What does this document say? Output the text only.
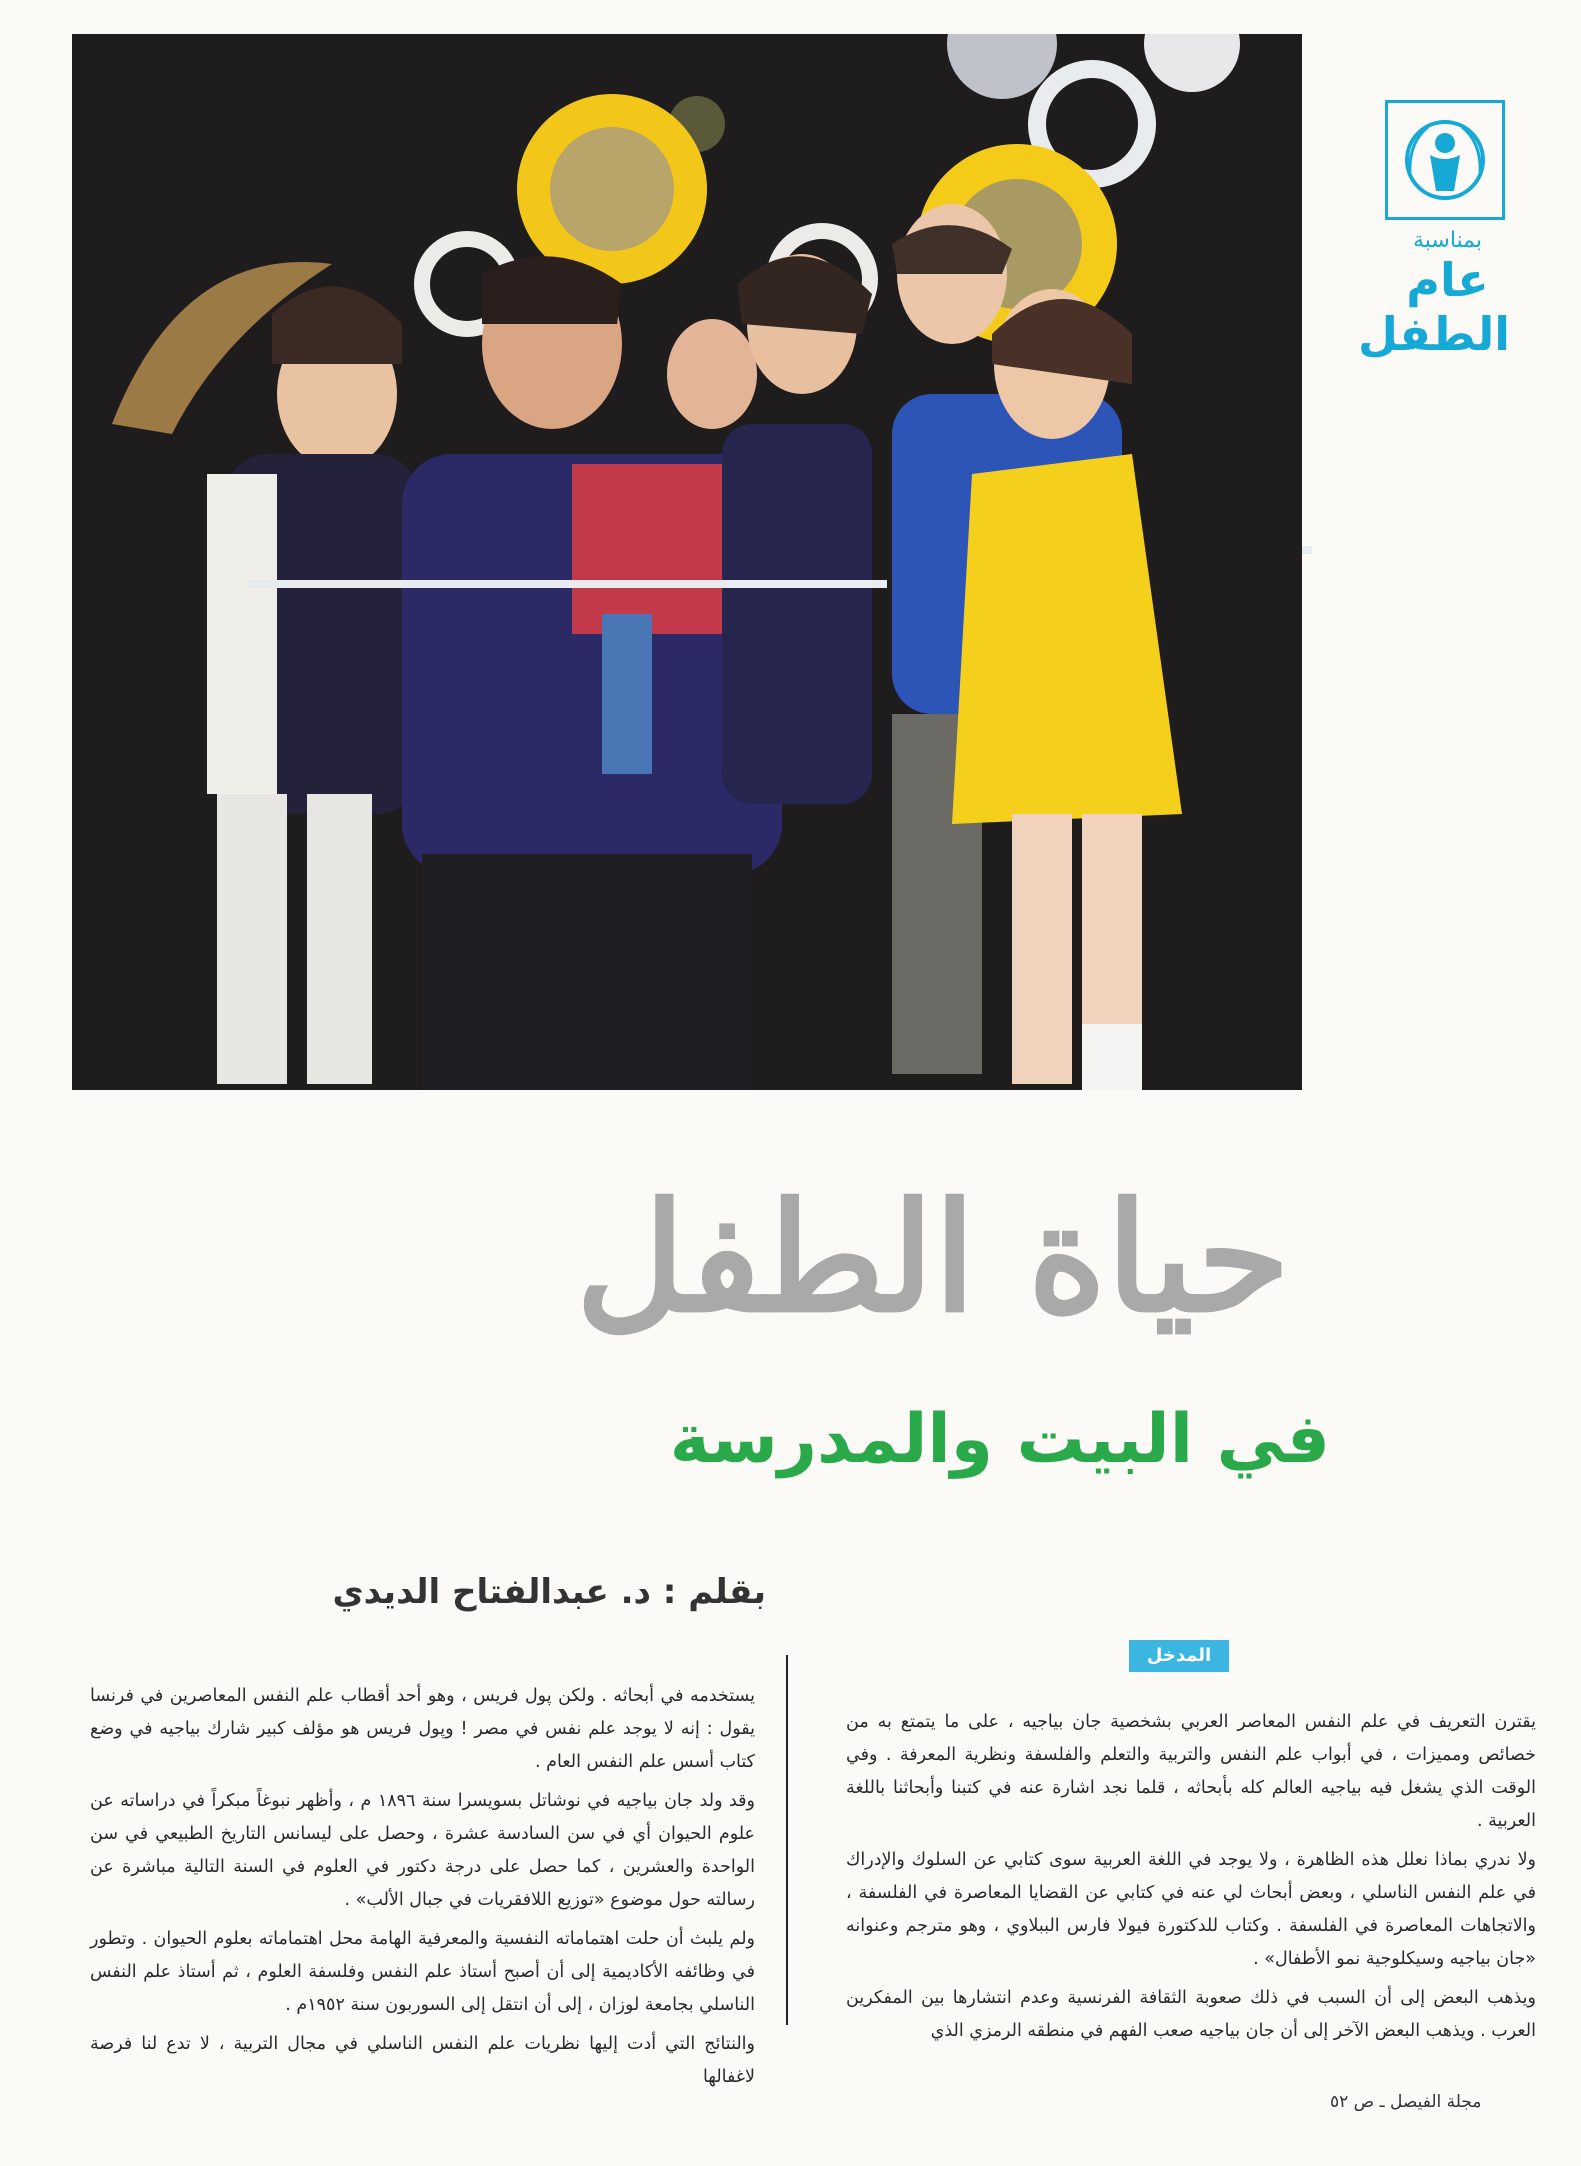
بمناسبة
عام
الطفل
حياة الطفل
في البيت والمدرسة
بقلم : د. عبدالفتاح الديدي
المدخل

يقترن التعريف في علم النفس المعاصر العربي بشخصية جان بياجيه ، على ما يتمتع به من خصائص ومميزات ، في أبواب علم النفس والتربية والتعلم والفلسفة ونظرية المعرفة . وفي الوقت الذي يشغل فيه بياجيه العالم كله بأبحاثه ، قلما نجد اشارة عنه في كتبنا وأبحاثنا باللغة العربية .

ولا ندري بماذا نعلل هذه الظاهرة ، ولا يوجد في اللغة العربية سوى كتابي عن السلوك والإدراك في علم النفس الناسلي ، وبعض أبحاث لي عنه في كتابي عن القضايا المعاصرة في الفلسفة ، والاتجاهات المعاصرة في الفلسفة . وكتاب للدكتورة فيولا فارس الببلاوي ، وهو مترجم وعنوانه «جان بياجيه وسيكلوجية نمو الأطفال» .

ويذهب البعض إلى أن السبب في ذلك صعوبة الثقافة الفرنسية وعدم انتشارها بين المفكرين العرب . ويذهب البعض الآخر إلى أن جان بياجيه صعب الفهم في منطقه الرمزي الذي

يستخدمه في أبحاثه . ولكن پول فريس ، وهو أحد أقطاب علم النفس المعاصرين في فرنسا يقول : إنه لا يوجد علم نفس في مصر ! وپول فريس هو مؤلف كبير شارك بياجيه في وضع كتاب أسس علم النفس العام .

وقد ولد جان بياجيه في نوشاتل بسويسرا سنة ١٨٩٦ م ، وأظهر نبوغاً مبكراً في دراساته عن علوم الحيوان أي في سن السادسة عشرة ، وحصل على ليسانس التاريخ الطبيعي في سن الواحدة والعشرين ، كما حصل على درجة دكتور في العلوم في السنة التالية مباشرة عن رسالته حول موضوع «توزيع اللافقريات في جبال الألب» .

ولم يلبث أن حلت اهتماماته النفسية والمعرفية الهامة محل اهتماماته بعلوم الحيوان . وتطور في وظائفه الأكاديمية إلى أن أصبح أستاذ علم النفس وفلسفة العلوم ، ثم أستاذ علم النفس الناسلي بجامعة لوزان ، إلى أن انتقل إلى السوربون سنة ١٩٥٢م .

والنتائج التي أدت إليها نظريات علم النفس الناسلي في مجال التربية ، لا تدع لنا فرصة لاغفالها

مجلة الفيصل ـ ص ٥٢
